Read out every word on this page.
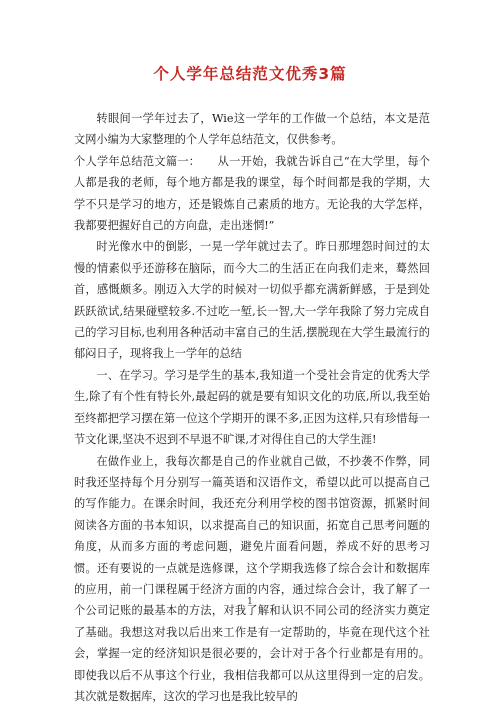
个人学年总结范文优秀3篇

转眼间一学年过去了，Wie这一学年的工作做一个总结，本文是范文网小编为大家整理的个人学年总结范文，仅供参考。

个人学年总结范文篇一：　　从一开始，我就告诉自己“在大学里，每个人都是我的老师，每个地方都是我的课堂，每个时间都是我的学期，大学不只是学习的地方，还是锻炼自己素质的地方。无论我的大学怎样，我都要把握好自己的方向盘，走出迷惘!”

时光像水中的倒影，一晃一学年就过去了。昨日那埋怨时间过的太慢的情素似乎还游移在脑际，而今大二的生活正在向我们走来，蓦然回首，感慨颇多。刚迈入大学的时候对一切似乎都充满新鲜感，于是到处跃跃欲试,结果碰壁较多.不过吃一堑,长一智,大一学年我除了努力完成自己的学习目标,也利用各种活动丰富自己的生活,摆脱现在大学生最流行的郁闷日子，现将我上一学年的总结

一、在学习。学习是学生的基本,我知道一个受社会肯定的优秀大学生,除了有个性有特长外,最起码的就是要有知识文化的功底,所以,我至始至终都把学习摆在第一位这个学期开的课不多,正因为这样,只有珍惜每一节文化课,坚决不迟到不早退不旷课,才对得住自己的大学生涯!

在做作业上，我每次都是自己的作业就自己做，不抄袭不作弊，同时我还坚持每个月分别写一篇英语和汉语作文，希望以此可以提高自己的写作能力。在课余时间，我还充分利用学校的图书馆资源，抓紧时间阅读各方面的书本知识，以求提高自己的知识面，拓宽自己思考问题的角度，从而多方面的考虑问题，避免片面看问题，养成不好的思考习惯。还有要说的一点就是选修课，这个学期我选修了综合会计和数据库的应用，前一门课程属于经济方面的内容，通过综合会计，我了解了一个公司记账的最基本的方法，对我了解和认识不同公司的经济实力奠定了基础。我想这对我以后出来工作是有一定帮助的，毕竟在现代这个社会，掌握一定的经济知识是很必要的，会计对于各个行业都是有用的。即使我以后不从事这个行业，我相信我都可以从这里得到一定的启发。其次就是数据库，这次的学习也是我比较早的

1
